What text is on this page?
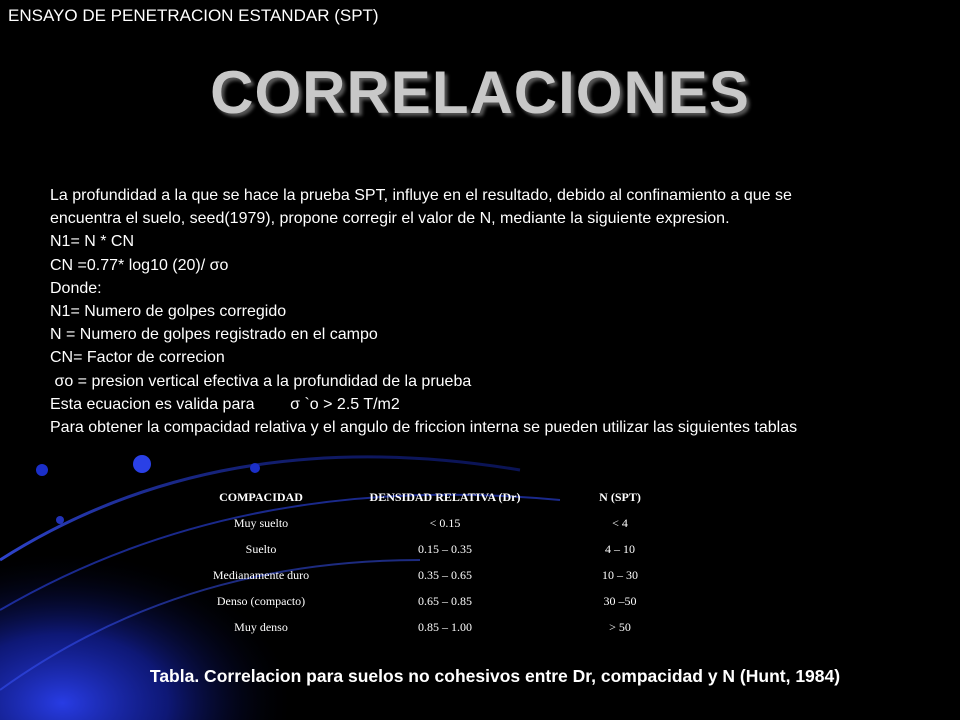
ENSAYO DE PENETRACION ESTANDAR (SPT)
CORRELACIONES
La profundidad a la que se hace la prueba SPT, influye en el resultado, debido al confinamiento a que se
encuentra el suelo, seed(1979), propone corregir el valor de N, mediante la siguiente expresion.
N1= N * CN
CN =0.77* log10 (20)/ σo
Donde:
N1= Numero de golpes corregido
N = Numero de golpes registrado en el campo
CN= Factor de correcion
σo = presion vertical efectiva a la profundidad de la prueba
Esta ecuacion es valida para        σ `o > 2.5 T/m2
Para obtener la compacidad relativa y el angulo de friccion interna se pueden utilizar las siguientes tablas
COMPACIDAD	DENSIDAD RELATIVA (Dr)	N (SPT)
Muy suelto	< 0.15	< 4
Suelto	0.15 – 0.35	4 – 10
Medianamente duro	0.35 – 0.65	10 – 30
Denso (compacto)	0.65 – 0.85	30 –50
Muy denso	0.85 – 1.00	> 50
Tabla. Correlacion para suelos no cohesivos entre Dr, compacidad y N (Hunt, 1984)
